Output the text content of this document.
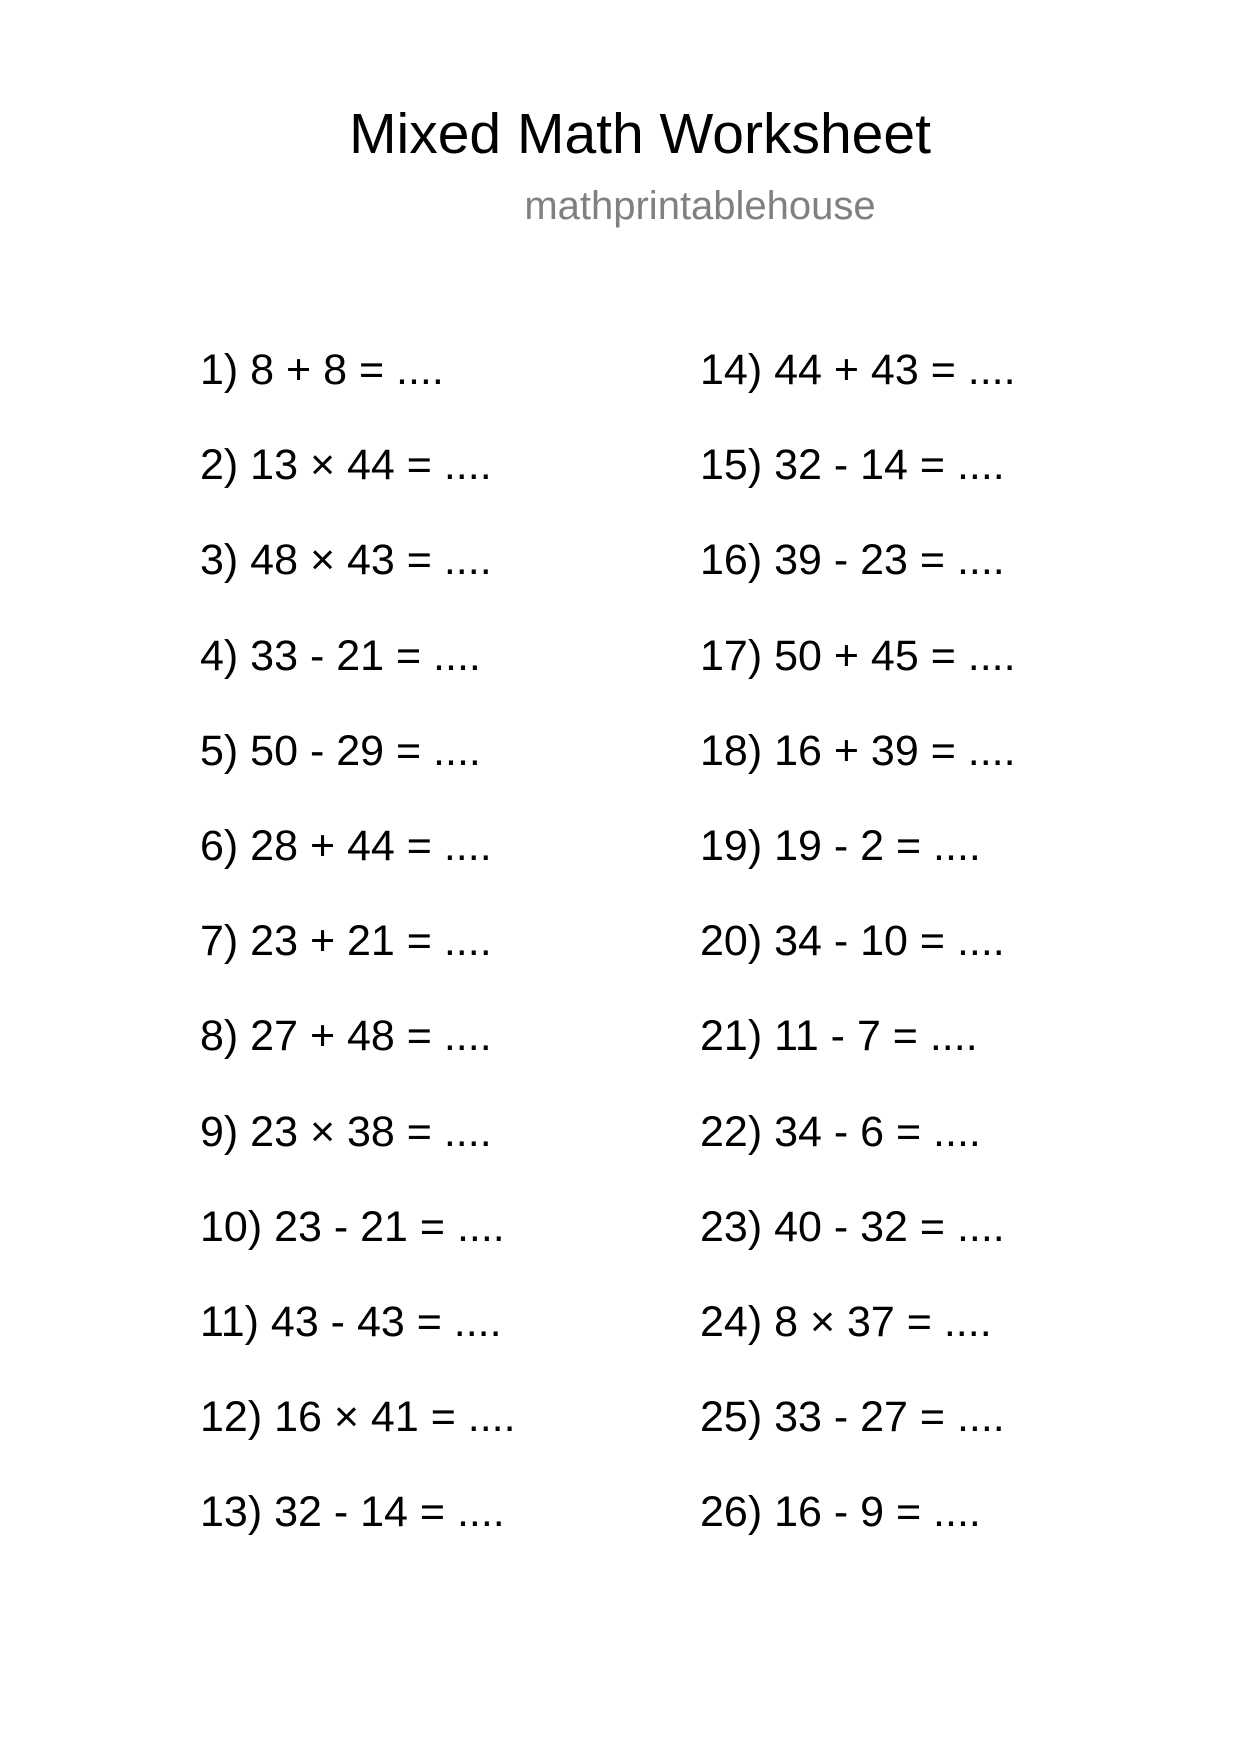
Mixed Math Worksheet
mathprintablehouse
1) 8 + 8 = ....
2) 13 × 44 = ....
3) 48 × 43 = ....
4) 33 - 21 = ....
5) 50 - 29 = ....
6) 28 + 44 = ....
7) 23 + 21 = ....
8) 27 + 48 = ....
9) 23 × 38 = ....
10) 23 - 21 = ....
11) 43 - 43 = ....
12) 16 × 41 = ....
13) 32 - 14 = ....
14) 44 + 43 = ....
15) 32 - 14 = ....
16) 39 - 23 = ....
17) 50 + 45 = ....
18) 16 + 39 = ....
19) 19 - 2 = ....
20) 34 - 10 = ....
21) 11 - 7 = ....
22) 34 - 6 = ....
23) 40 - 32 = ....
24) 8 × 37 = ....
25) 33 - 27 = ....
26) 16 - 9 = ....
